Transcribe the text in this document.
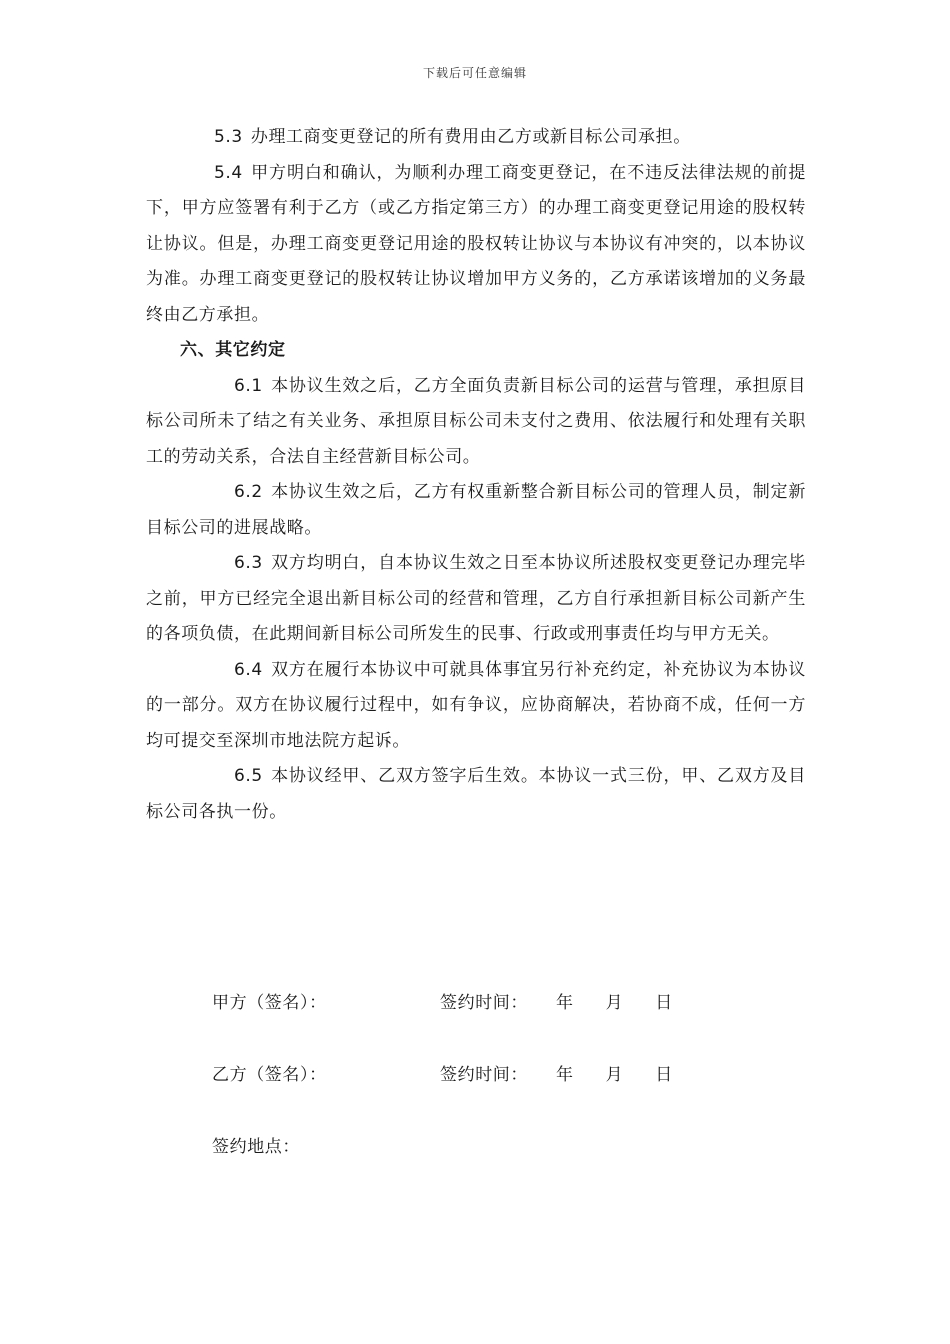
下载后可任意编辑

5.3 办理工商变更登记的所有费用由乙方或新目标公司承担。

5.4 甲方明白和确认，为顺利办理工商变更登记，在不违反法律法规的前提下，甲方应签署有利于乙方（或乙方指定第三方）的办理工商变更登记用途的股权转让协议。但是，办理工商变更登记用途的股权转让协议与本协议有冲突的，以本协议为准。办理工商变更登记的股权转让协议增加甲方义务的，乙方承诺该增加的义务最终由乙方承担。

六、其它约定

6.1 本协议生效之后，乙方全面负责新目标公司的运营与管理，承担原目标公司所未了结之有关业务、承担原目标公司未支付之费用、依法履行和处理有关职工的劳动关系，合法自主经营新目标公司。

6.2 本协议生效之后，乙方有权重新整合新目标公司的管理人员，制定新目标公司的进展战略。

6.3 双方均明白，自本协议生效之日至本协议所述股权变更登记办理完毕之前，甲方已经完全退出新目标公司的经营和管理，乙方自行承担新目标公司新产生的各项负债，在此期间新目标公司所发生的民事、行政或刑事责任均与甲方无关。

6.4 双方在履行本协议中可就具体事宜另行补充约定，补充协议为本协议的一部分。双方在协议履行过程中，如有争议，应协商解决，若协商不成，任何一方均可提交至深圳市地法院方起诉。

6.5 本协议经甲、乙双方签字后生效。本协议一式三份，甲、乙双方及目标公司各执一份。

甲方（签名）：	签约时间： 年  月  日
乙方（签名）：	签约时间： 年  月  日
签约地点：
